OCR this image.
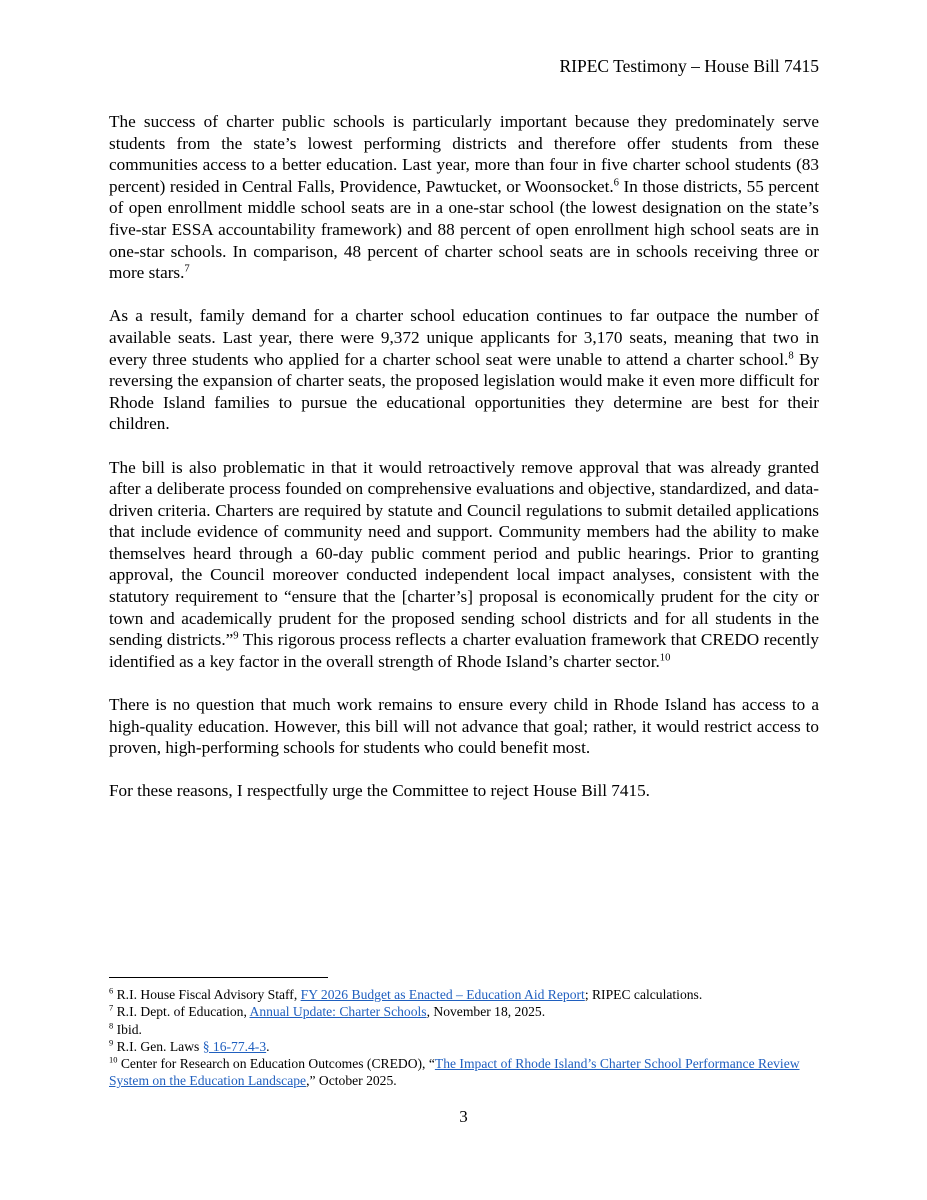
RIPEC Testimony – House Bill 7415

The success of charter public schools is particularly important because they predominately serve students from the state’s lowest performing districts and therefore offer students from these communities access to a better education. Last year, more than four in five charter school students (83 percent) resided in Central Falls, Providence, Pawtucket, or Woonsocket.$^6$ In those districts, 55 percent of open enrollment middle school seats are in a one-star school (the lowest designation on the state’s five-star ESSA accountability framework) and 88 percent of open enrollment high school seats are in one-star schools. In comparison, 48 percent of charter school seats are in schools receiving three or more stars.$^7$

As a result, family demand for a charter school education continues to far outpace the number of available seats. Last year, there were 9,372 unique applicants for 3,170 seats, meaning that two in every three students who applied for a charter school seat were unable to attend a charter school.$^8$ By reversing the expansion of charter seats, the proposed legislation would make it even more difficult for Rhode Island families to pursue the educational opportunities they determine are best for their children.

The bill is also problematic in that it would retroactively remove approval that was already granted after a deliberate process founded on comprehensive evaluations and objective, standardized, and data-driven criteria. Charters are required by statute and Council regulations to submit detailed applications that include evidence of community need and support. Community members had the ability to make themselves heard through a 60-day public comment period and public hearings. Prior to granting approval, the Council moreover conducted independent local impact analyses, consistent with the statutory requirement to “ensure that the [charter’s] proposal is economically prudent for the city or town and academically prudent for the proposed sending school districts and for all students in the sending districts.”$^9$ This rigorous process reflects a charter evaluation framework that CREDO recently identified as a key factor in the overall strength of Rhode Island’s charter sector.$^{10}$

There is no question that much work remains to ensure every child in Rhode Island has access to a high-quality education. However, this bill will not advance that goal; rather, it would restrict access to proven, high-performing schools for students who could benefit most.

For these reasons, I respectfully urge the Committee to reject House Bill 7415.

$^6$ R.I. House Fiscal Advisory Staff, FY 2026 Budget as Enacted – Education Aid Report; RIPEC calculations.

$^7$ R.I. Dept. of Education, Annual Update: Charter Schools, November 18, 2025.

$^8$ Ibid.

$^9$ R.I. Gen. Laws § 16-77.4-3.

$^{10}$ Center for Research on Education Outcomes (CREDO), “The Impact of Rhode Island’s Charter School Performance Review System on the Education Landscape,” October 2025.

3
